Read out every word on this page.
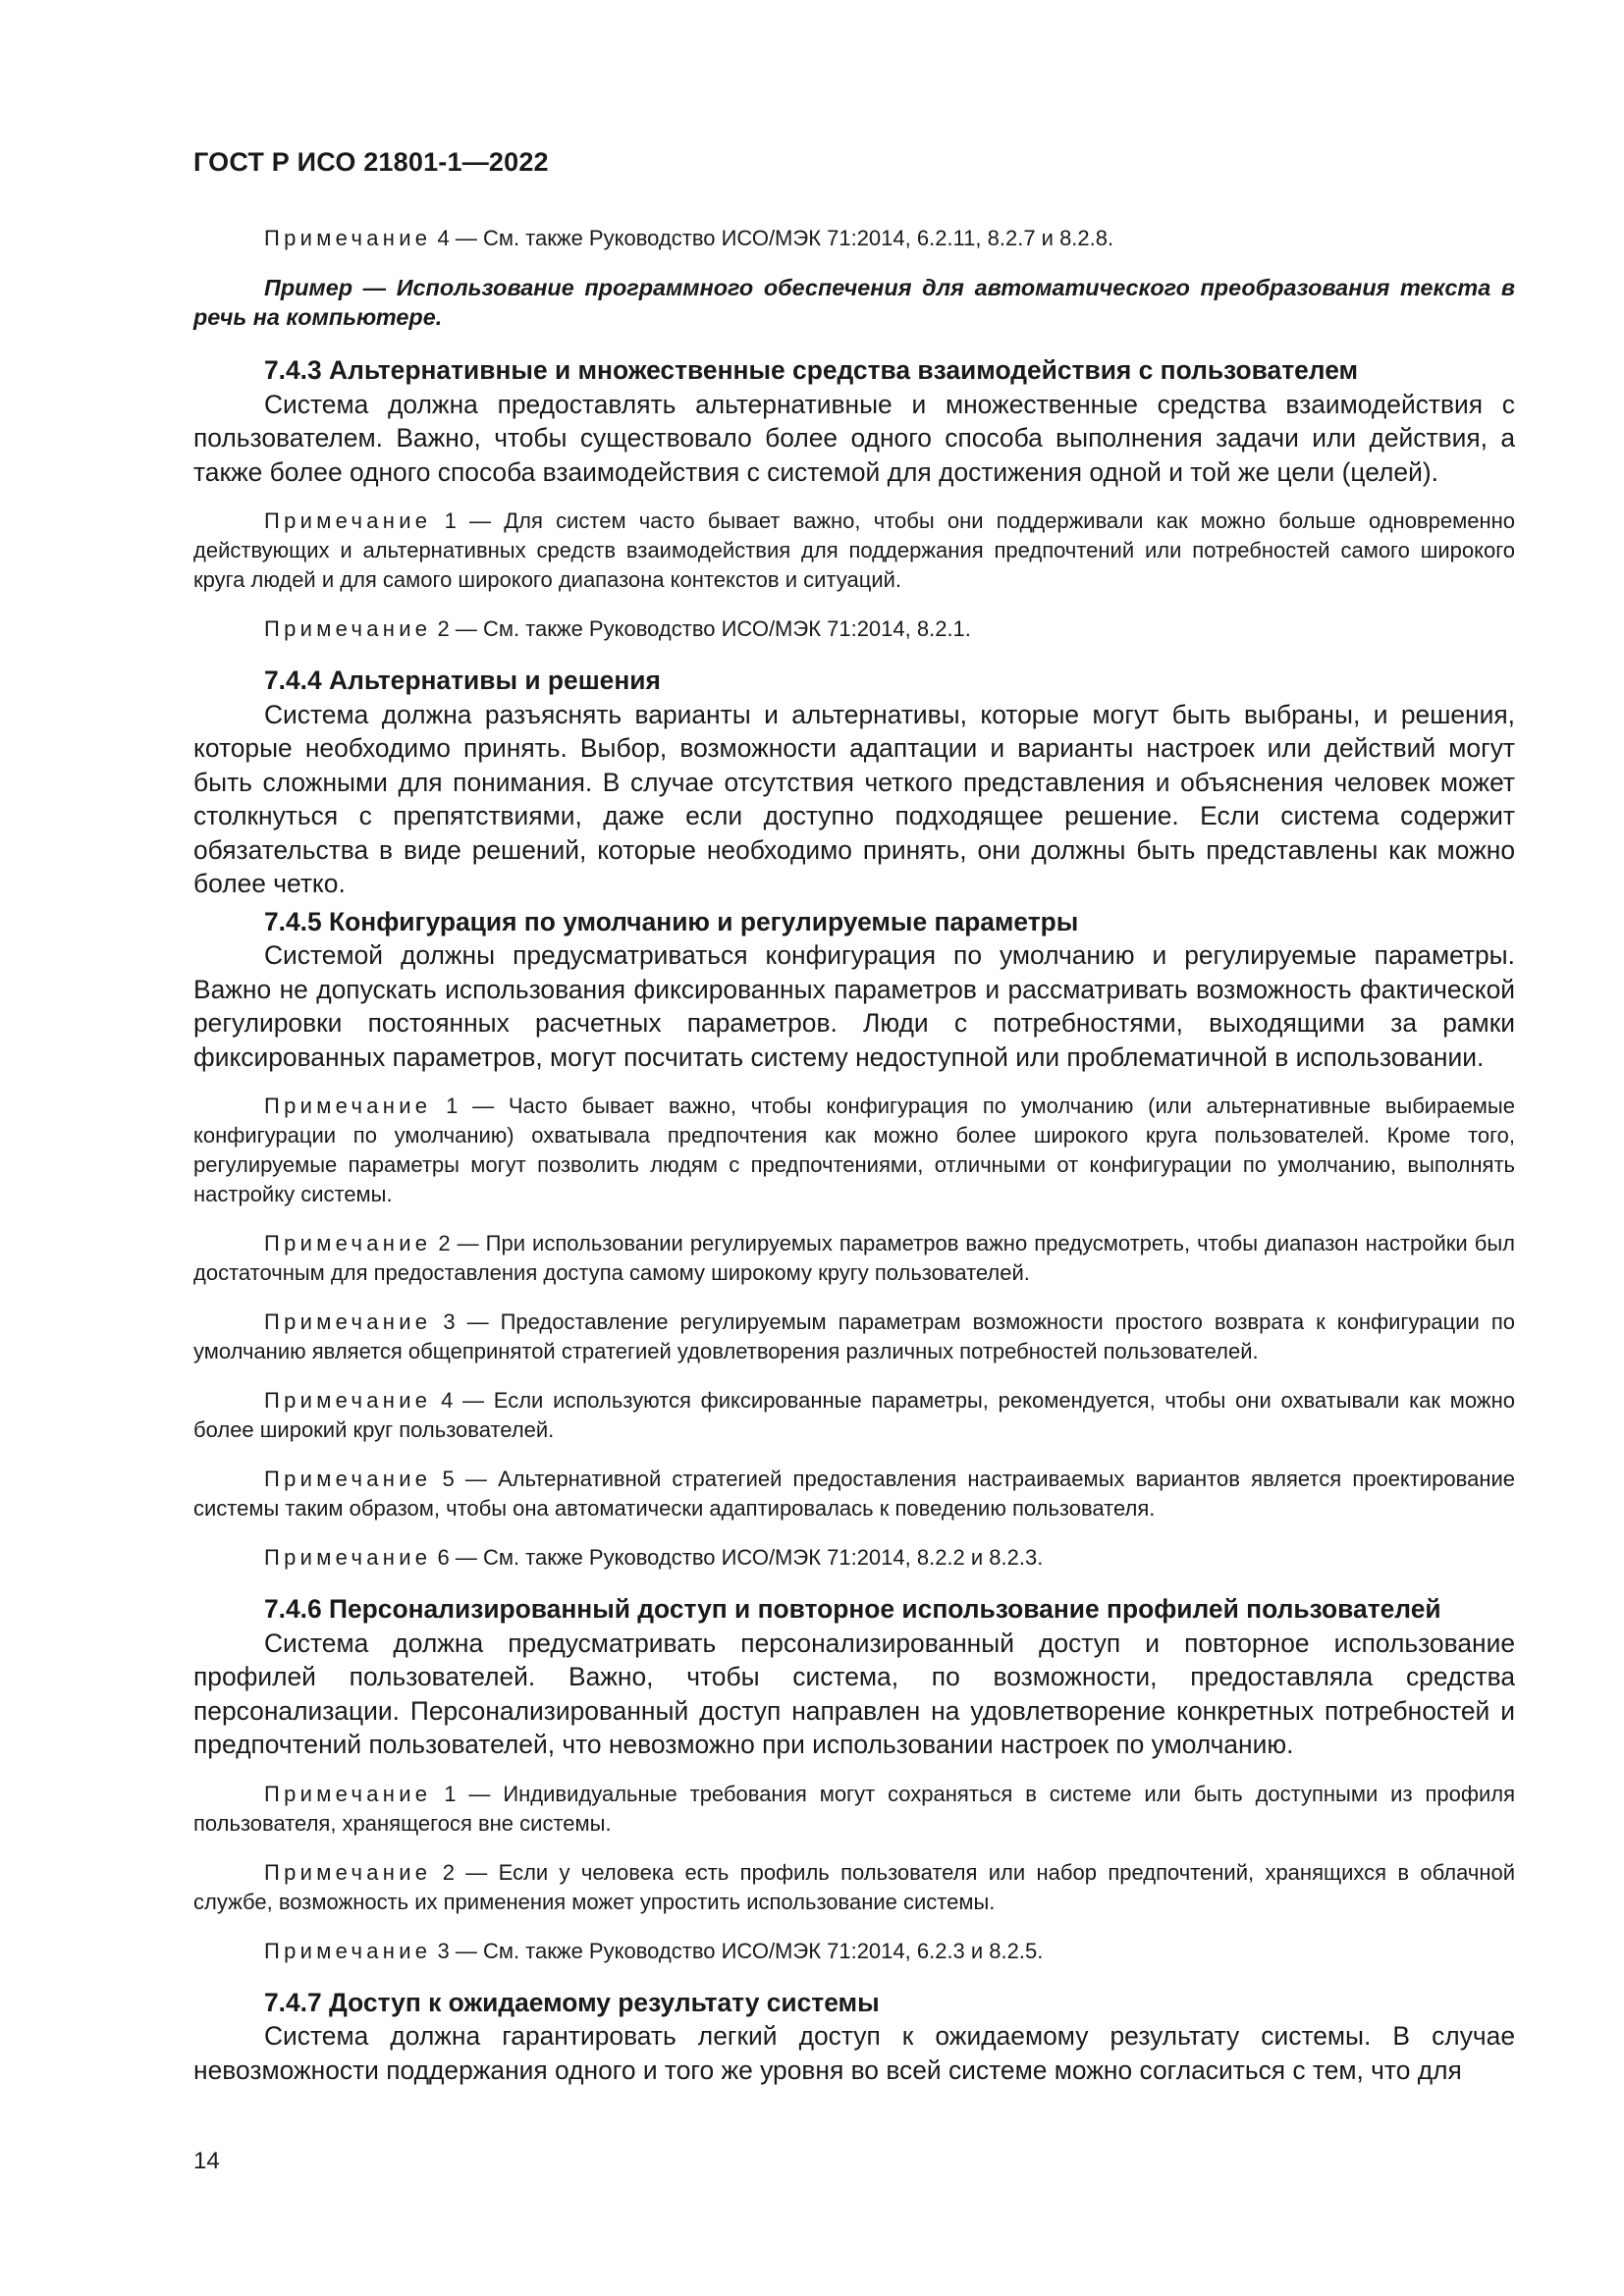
ГОСТ Р ИСО 21801-1—2022

Примечание 4 — См. также Руководство ИСО/МЭК 71:2014, 6.2.11, 8.2.7 и 8.2.8.

Пример — Использование программного обеспечения для автоматического преобразования текста в речь на компьютере.

7.4.3 Альтернативные и множественные средства взаимодействия с пользователем

Система должна предоставлять альтернативные и множественные средства взаимодействия с пользователем. Важно, чтобы существовало более одного способа выполнения задачи или действия, а также более одного способа взаимодействия с системой для достижения одной и той же цели (целей).

Примечание 1 — Для систем часто бывает важно, чтобы они поддерживали как можно больше одновременно действующих и альтернативных средств взаимодействия для поддержания предпочтений или потребностей самого широкого круга людей и для самого широкого диапазона контекстов и ситуаций.

Примечание 2 — См. также Руководство ИСО/МЭК 71:2014, 8.2.1.

7.4.4 Альтернативы и решения

Система должна разъяснять варианты и альтернативы, которые могут быть выбраны, и решения, которые необходимо принять. Выбор, возможности адаптации и варианты настроек или действий могут быть сложными для понимания. В случае отсутствия четкого представления и объяснения человек может столкнуться с препятствиями, даже если доступно подходящее решение. Если система содержит обязательства в виде решений, которые необходимо принять, они должны быть представлены как можно более четко.

7.4.5 Конфигурация по умолчанию и регулируемые параметры

Системой должны предусматриваться конфигурация по умолчанию и регулируемые параметры. Важно не допускать использования фиксированных параметров и рассматривать возможность фактической регулировки постоянных расчетных параметров. Люди с потребностями, выходящими за рамки фиксированных параметров, могут посчитать систему недоступной или проблематичной в использовании.

Примечание 1 — Часто бывает важно, чтобы конфигурация по умолчанию (или альтернативные выбираемые конфигурации по умолчанию) охватывала предпочтения как можно более широкого круга пользователей. Кроме того, регулируемые параметры могут позволить людям с предпочтениями, отличными от конфигурации по умолчанию, выполнять настройку системы.

Примечание 2 — При использовании регулируемых параметров важно предусмотреть, чтобы диапазон настройки был достаточным для предоставления доступа самому широкому кругу пользователей.

Примечание 3 — Предоставление регулируемым параметрам возможности простого возврата к конфигурации по умолчанию является общепринятой стратегией удовлетворения различных потребностей пользователей.

Примечание 4 — Если используются фиксированные параметры, рекомендуется, чтобы они охватывали как можно более широкий круг пользователей.

Примечание 5 — Альтернативной стратегией предоставления настраиваемых вариантов является проектирование системы таким образом, чтобы она автоматически адаптировалась к поведению пользователя.

Примечание 6 — См. также Руководство ИСО/МЭК 71:2014, 8.2.2 и 8.2.3.

7.4.6 Персонализированный доступ и повторное использование профилей пользователей

Система должна предусматривать персонализированный доступ и повторное использование профилей пользователей. Важно, чтобы система, по возможности, предоставляла средства персонализации. Персонализированный доступ направлен на удовлетворение конкретных потребностей и предпочтений пользователей, что невозможно при использовании настроек по умолчанию.

Примечание 1 — Индивидуальные требования могут сохраняться в системе или быть доступными из профиля пользователя, хранящегося вне системы.

Примечание 2 — Если у человека есть профиль пользователя или набор предпочтений, хранящихся в облачной службе, возможность их применения может упростить использование системы.

Примечание 3 — См. также Руководство ИСО/МЭК 71:2014, 6.2.3 и 8.2.5.

7.4.7 Доступ к ожидаемому результату системы

Система должна гарантировать легкий доступ к ожидаемому результату системы. В случае невозможности поддержания одного и того же уровня во всей системе можно согласиться с тем, что для

14
